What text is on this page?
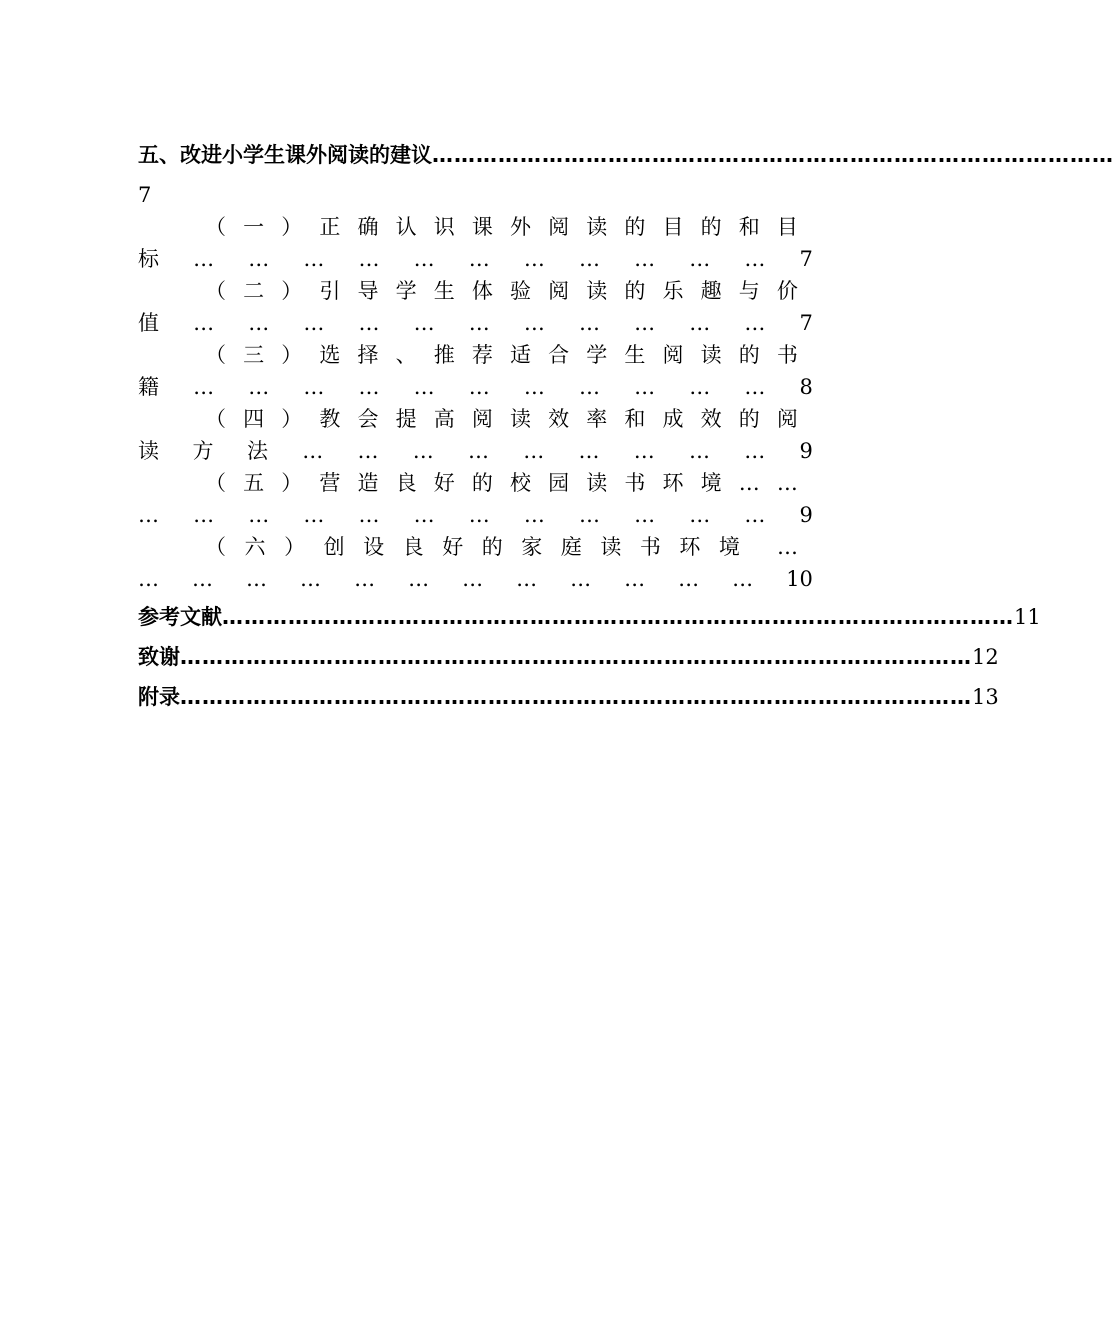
五、改进小学生课外阅读的建议 …………………………………………………………………………………
7
（ 一 ） 正 确 认 识 课 外 阅 读 的 目 的 和 目
标 … … … … … … … … … … … 7
（ 二 ） 引 导 学 生 体 验 阅 读 的 乐 趣 与 价
值 … … … … … … … … … … … 7
（ 三 ） 选 择 、 推 荐 适 合 学 生 阅 读 的 书
籍 … … … … … … … … … … … 8
（ 四 ） 教 会 提 高 阅 读 效 率 和 成 效 的 阅
读 方 法 … … … … … … … … … 9
（ 五 ） 营 造 良 好 的 校 园 读 书 环 境 … …
… … … … … … … … … … … … 9
（ 六 ） 创 设 良 好 的 家 庭 读 书 环 境 …
… … … … … … … … … … … … 10
参考文献 ……………………………………………………………………………………………… 11
致谢 ……………………………………………………………………………………………… 12
附录 ……………………………………………………………………………………………… 13
